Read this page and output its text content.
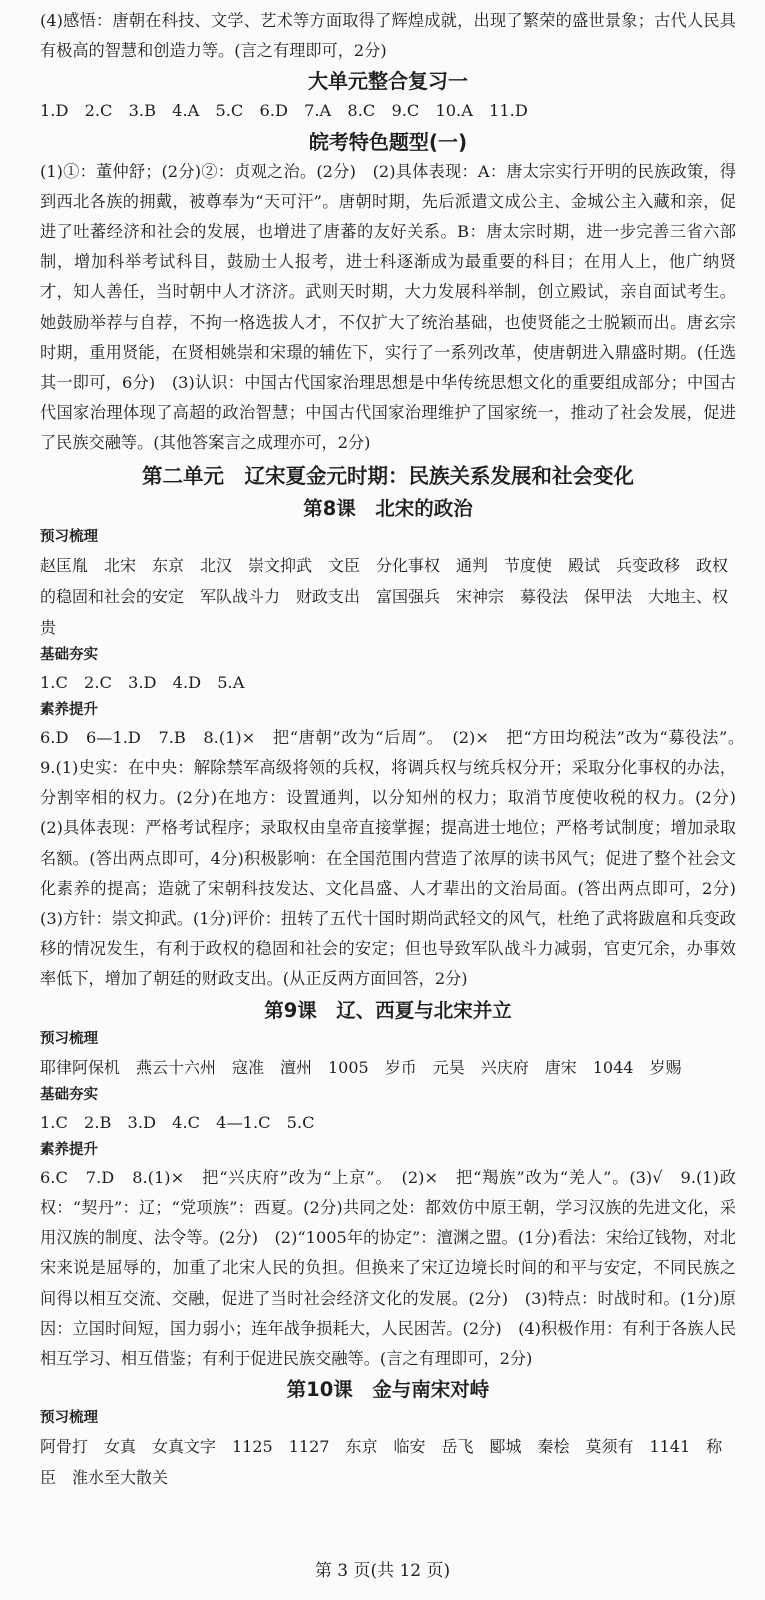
(4)感悟：唐朝在科技、文学、艺术等方面取得了辉煌成就，出现了繁荣的盛世景象；古代人民具有极高的智慧和创造力等。(言之有理即可，2分)

大单元整合复习一

1.D　2.C　3.B　4.A　5.C　6.D　7.A　8.C　9.C　10.A　11.D

皖考特色题型(一)

(1)①：董仲舒；(2分)②：贞观之治。(2分)　(2)具体表现：A：唐太宗实行开明的民族政策，得到西北各族的拥戴，被尊奉为“天可汗”。唐朝时期，先后派遣文成公主、金城公主入藏和亲，促进了吐蕃经济和社会的发展，也增进了唐蕃的友好关系。B：唐太宗时期，进一步完善三省六部制，增加科举考试科目，鼓励士人报考，进士科逐渐成为最重要的科目；在用人上，他广纳贤才，知人善任，当时朝中人才济济。武则天时期，大力发展科举制，创立殿试，亲自面试考生。她鼓励举荐与自荐，不拘一格选拔人才，不仅扩大了统治基础，也使贤能之士脱颖而出。唐玄宗时期，重用贤能，在贤相姚崇和宋璟的辅佐下，实行了一系列改革，使唐朝进入鼎盛时期。(任选其一即可，6分)　(3)认识：中国古代国家治理思想是中华传统思想文化的重要组成部分；中国古代国家治理体现了高超的政治智慧；中国古代国家治理维护了国家统一，推动了社会发展，促进了民族交融等。(其他答案言之成理亦可，2分)

第二单元　辽宋夏金元时期：民族关系发展和社会变化

第8课　北宋的政治

预习梳理

赵匡胤　北宋　东京　北汉　崇文抑武　文臣　分化事权　通判　节度使　殿试　兵变政移　政权的稳固和社会的安定　军队战斗力　财政支出　富国强兵　宋神宗　募役法　保甲法　大地主、权贵

基础夯实

1.C　2.C　3.D　4.D　5.A

素养提升

6.D　6—1.D　7.B　8.(1)×　把“唐朝”改为“后周”。　(2)×　把“方田均税法”改为“募役法”。　9.(1)史实：在中央：解除禁军高级将领的兵权，将调兵权与统兵权分开；采取分化事权的办法，分割宰相的权力。(2分)在地方：设置通判，以分知州的权力；取消节度使收税的权力。(2分)　(2)具体表现：严格考试程序；录取权由皇帝直接掌握；提高进士地位；严格考试制度；增加录取名额。(答出两点即可，4分)积极影响：在全国范围内营造了浓厚的读书风气；促进了整个社会文化素养的提高；造就了宋朝科技发达、文化昌盛、人才辈出的文治局面。(答出两点即可，2分)　(3)方针：崇文抑武。(1分)评价：扭转了五代十国时期尚武轻文的风气，杜绝了武将跋扈和兵变政移的情况发生，有利于政权的稳固和社会的安定；但也导致军队战斗力减弱，官吏冗余，办事效率低下，增加了朝廷的财政支出。(从正反两方面回答，2分)

第9课　辽、西夏与北宋并立

预习梳理

耶律阿保机　燕云十六州　寇准　澶州　1005　岁币　元昊　兴庆府　唐宋　1044　岁赐

基础夯实

1.C　2.B　3.D　4.C　4—1.C　5.C

素养提升

6.C　7.D　8.(1)×　把“兴庆府”改为“上京”。　(2)×　把“羯族”改为“羌人”。(3)√　9.(1)政权：“契丹”：辽；“党项族”：西夏。(2分)共同之处：都效仿中原王朝，学习汉族的先进文化，采用汉族的制度、法令等。(2分)　(2)“1005年的协定”：澶渊之盟。(1分)看法：宋给辽钱物，对北宋来说是屈辱的，加重了北宋人民的负担。但换来了宋辽边境长时间的和平与安定，不同民族之间得以相互交流、交融，促进了当时社会经济文化的发展。(2分)　(3)特点：时战时和。(1分)原因：立国时间短，国力弱小；连年战争损耗大，人民困苦。(2分)　(4)积极作用：有利于各族人民相互学习、相互借鉴；有利于促进民族交融等。(言之有理即可，2分)

第10课　金与南宋对峙

预习梳理

阿骨打　女真　女真文字　1125　1127　东京　临安　岳飞　郾城　秦桧　莫须有　1141　称臣　淮水至大散关

第 3 页(共 12 页)
